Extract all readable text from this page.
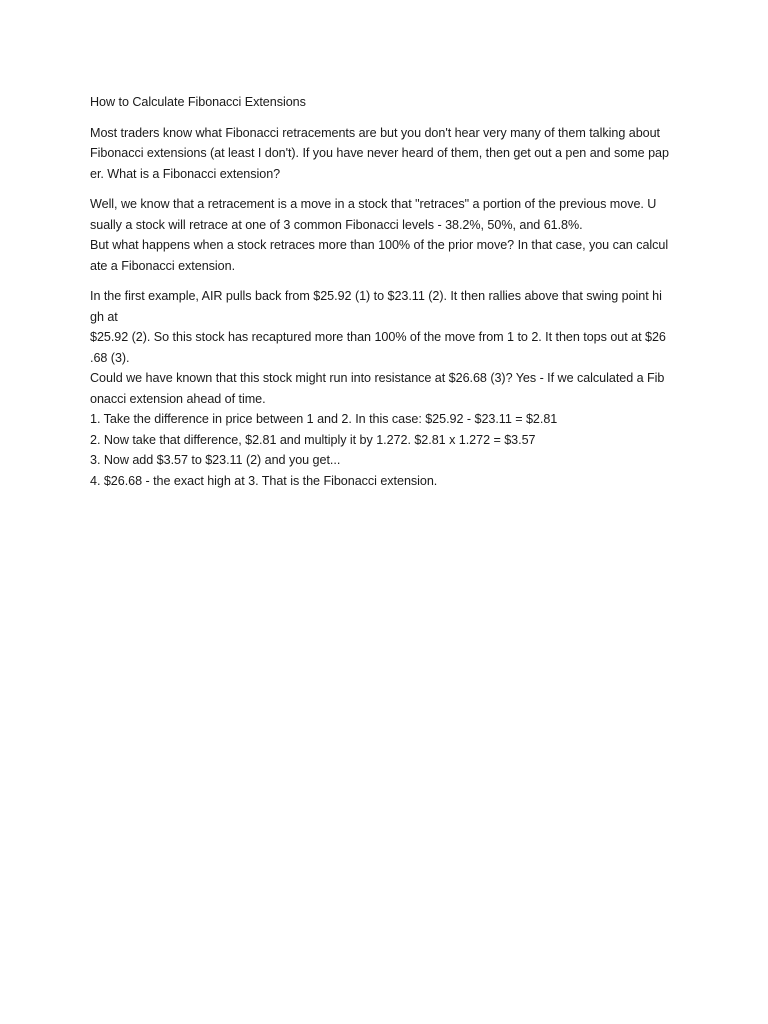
How to Calculate Fibonacci Extensions
Most traders know what Fibonacci retracements are but you don't hear very many of them talking about
Fibonacci extensions (at least I don't). If you have never heard of them, then get out a pen and some pap
er. What is a Fibonacci extension?
Well, we know that a retracement is a move in a stock that "retraces" a portion of the previous move. U
sually a stock will retrace at one of 3 common Fibonacci levels - 38.2%, 50%, and 61.8%.
But what happens when a stock retraces more than 100% of the prior move? In that case, you can calcul
ate a Fibonacci extension.
In the first example, AIR pulls back from $25.92 (1) to $23.11 (2). It then rallies above that swing point hi
gh at
$25.92 (2). So this stock has recaptured more than 100% of the move from 1 to 2. It then tops out at $26
.68 (3).
Could we have known that this stock might run into resistance at $26.68 (3)? Yes - If we calculated a Fib
onacci extension ahead of time.
1. Take the difference in price between 1 and 2. In this case: $25.92 - $23.11 = $2.81
2. Now take that difference, $2.81 and multiply it by 1.272. $2.81 x 1.272 = $3.57
3. Now add $3.57 to $23.11 (2) and you get...
4. $26.68 - the exact high at 3. That is the Fibonacci extension.
